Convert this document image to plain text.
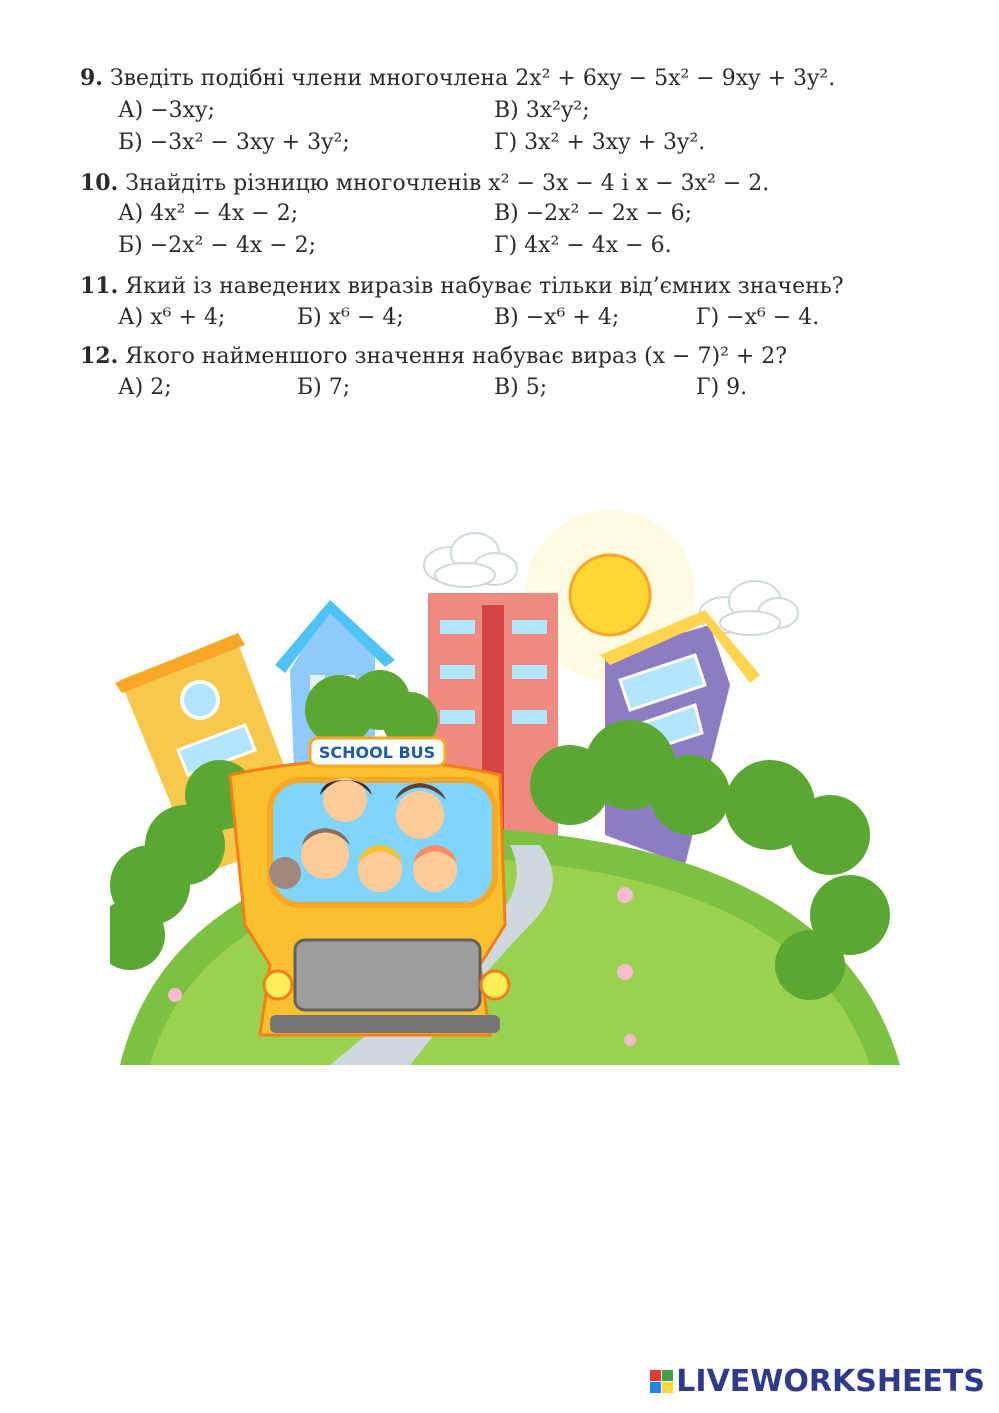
9. Зведіть подібні члени многочлена 2x² + 6xy − 5x² − 9xy + 3y².
А) −3xy;	В) 3x²y²;
Б) −3x² − 3xy + 3y²;	Г) 3x² + 3xy + 3y².
10. Знайдіть різницю многочленів x² − 3x − 4 і x − 3x² − 2.
А) 4x² − 4x − 2;	В) −2x² − 2x − 6;
Б) −2x² − 4x − 2;	Г) 4x² − 4x − 6.
11. Який із наведених виразів набуває тільки від’ємних значень?
А) x⁶ + 4;	Б) x⁶ − 4;	В) −x⁶ + 4;	Г) −x⁶ − 4.
12. Якого найменшого значення набуває вираз (x − 7)² + 2?
А) 2;	Б) 7;	В) 5;	Г) 9.
SCHOOL BUS
LIVEWORKSHEETS
